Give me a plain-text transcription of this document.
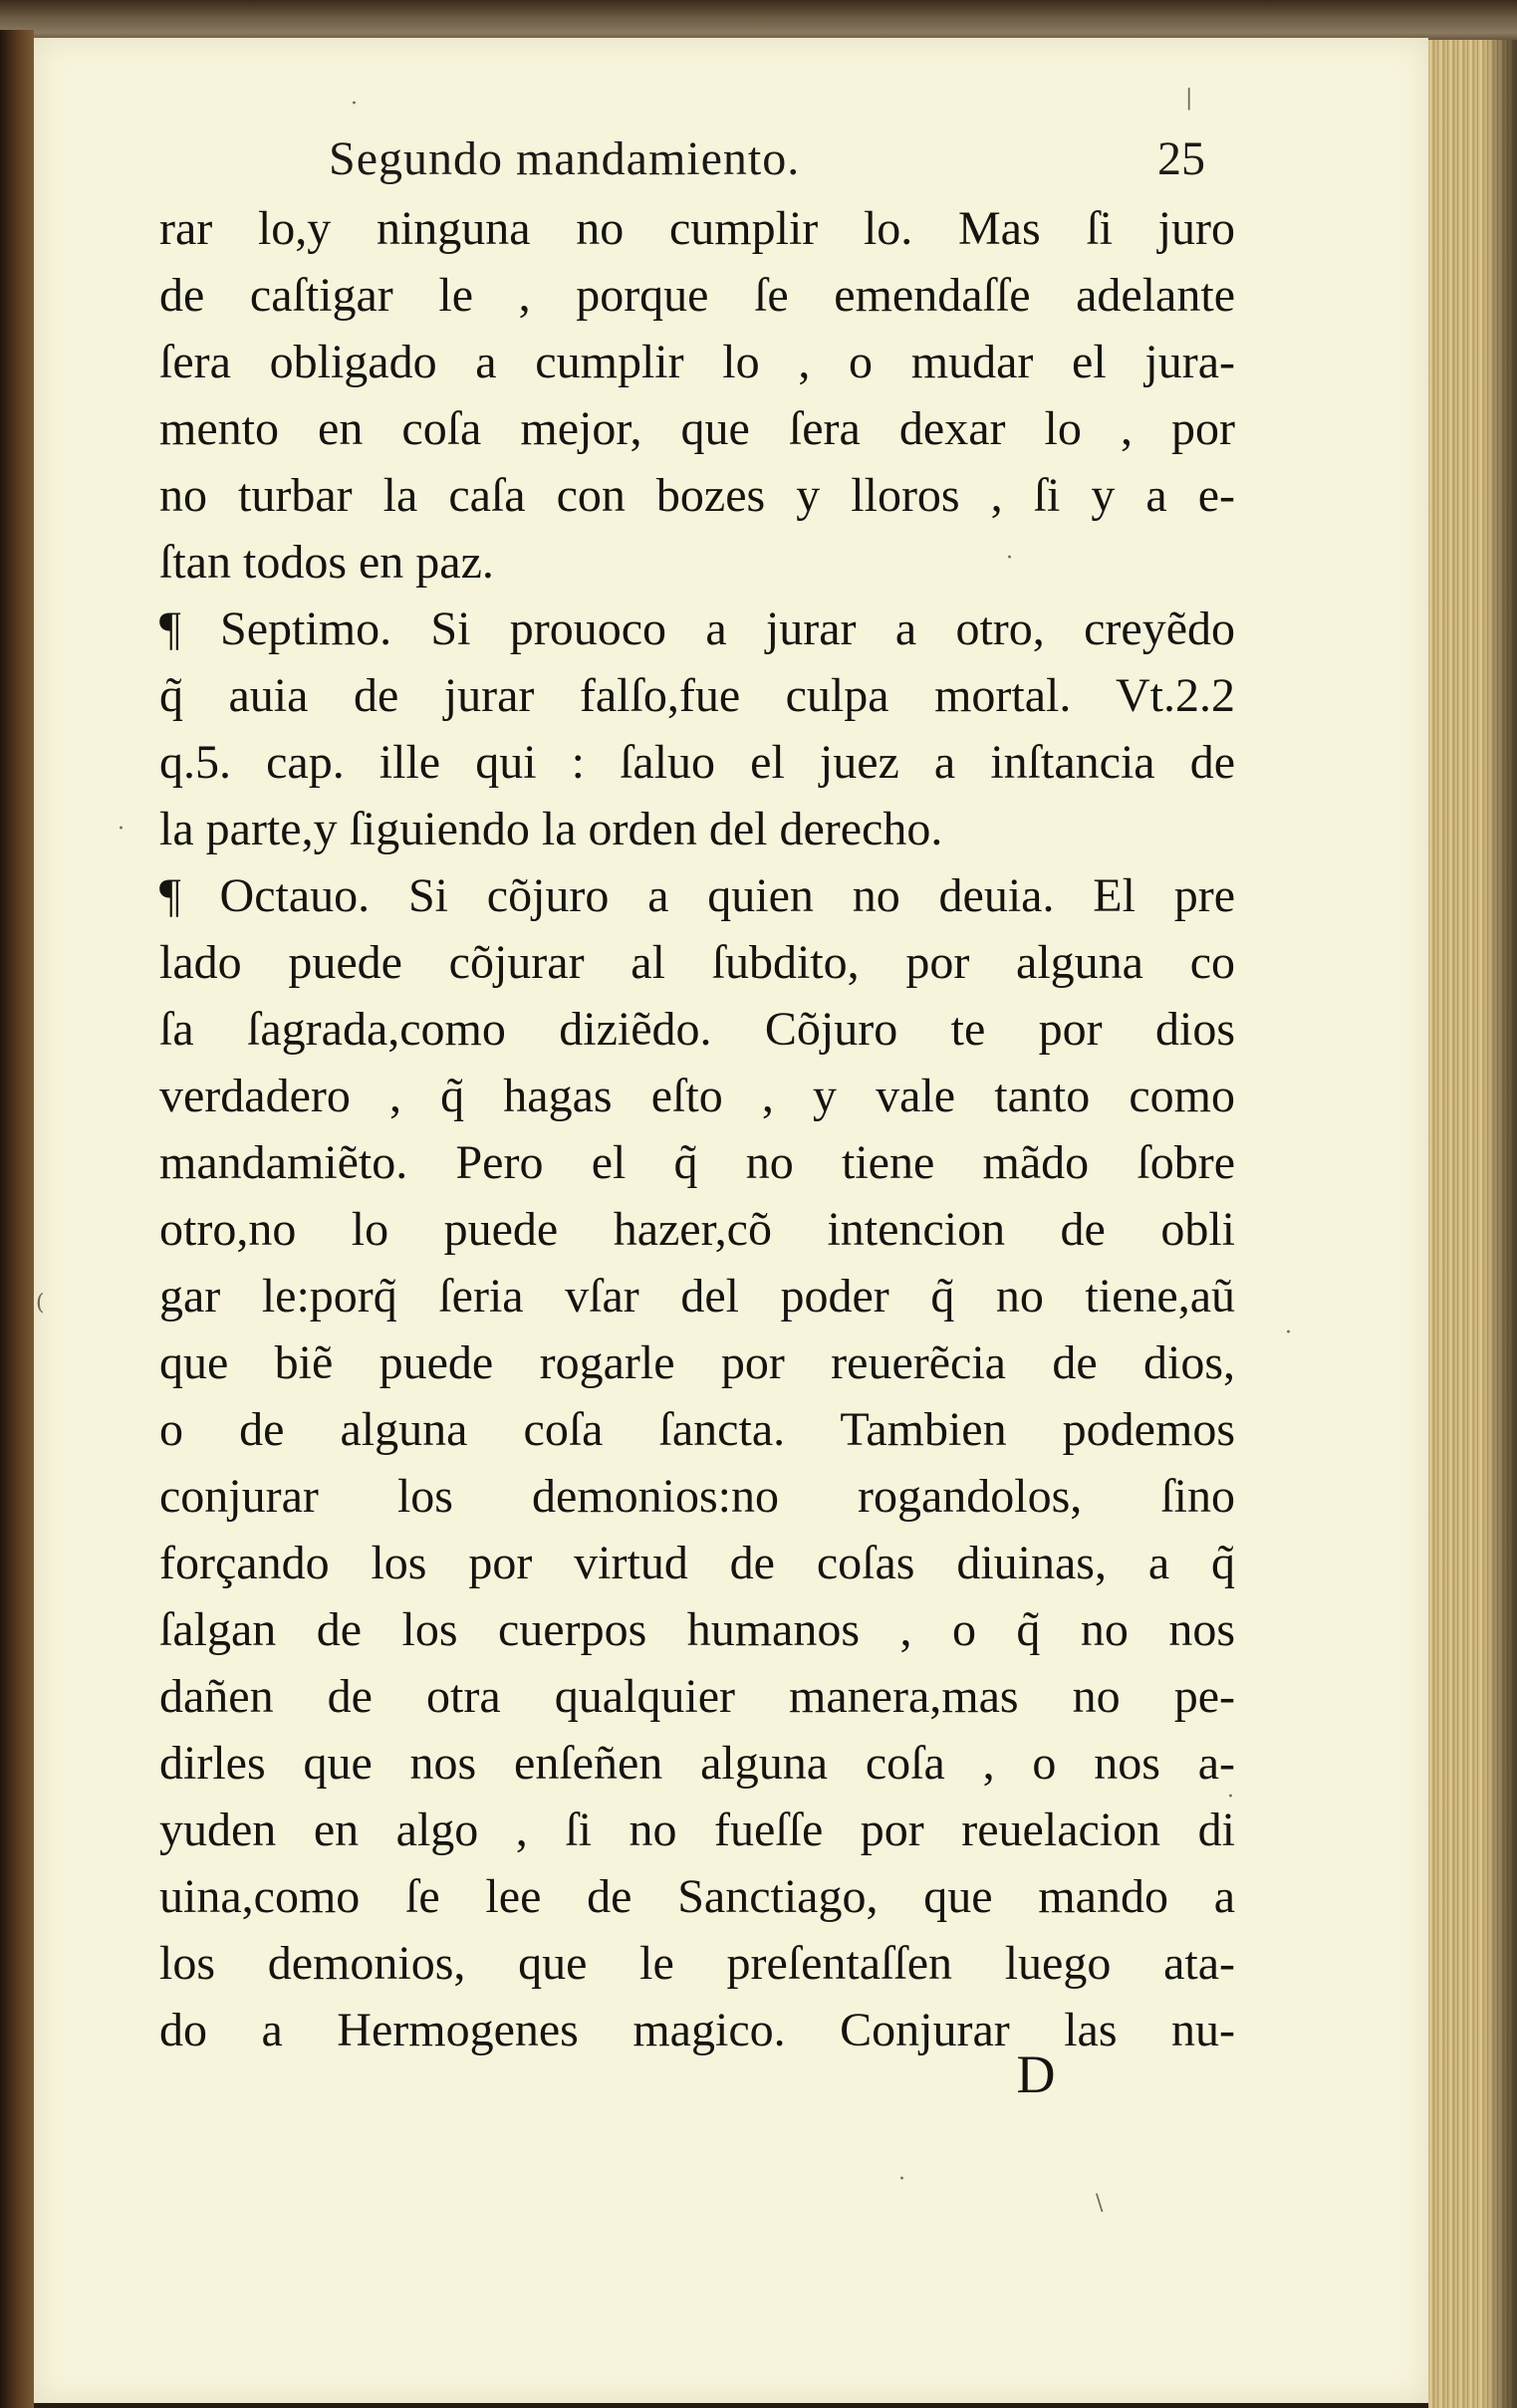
·	|
·
·
(
·
·
\
·
Segundo mandamiento.	25
rar lo,y ninguna no cumplir lo. Mas ſi juro
de caſtigar le , porque ſe emendaſſe adelante
ſera obligado a cumplir lo , o mudar el jura-
mento en coſa mejor, que ſera dexar lo , por
no turbar la caſa con bozes y lloros , ſi y a e-
ſtan todos en paz.
¶ Septimo. Si prouoco a jurar a otro, creyẽdo
q̃ auia de jurar falſo,fue culpa mortal. Vt.2.2
q.5. cap. ille qui : ſaluo el juez a inſtancia de
la parte,y ſiguiendo la orden del derecho.
¶ Octauo. Si cõjuro a quien no deuia. El pre
lado puede cõjurar al ſubdito, por alguna co
ſa ſagrada,como diziẽdo. Cõjuro te por dios
verdadero , q̃ hagas eſto , y vale tanto como
mandamiẽto. Pero el q̃ no tiene mãdo ſobre
otro,no lo puede hazer,cõ intencion de obli
gar le:porq̃ ſeria vſar del poder q̃ no tiene,aũ
que biẽ puede rogarle por reuerẽcia de dios,
o de alguna coſa ſancta. Tambien podemos
conjurar los demonios:no rogandolos, ſino
forçando los por virtud de coſas diuinas, a q̃
ſalgan de los cuerpos humanos , o q̃ no nos
dañen de otra qualquier manera,mas no pe-
dirles que nos enſeñen alguna coſa , o nos a-
yuden en algo , ſi no fueſſe por reuelacion di
uina,como ſe lee de Sanctiago, que mando a
los demonios, que le preſentaſſen luego ata-
do a Hermogenes magico. Conjurar las nu-
D
